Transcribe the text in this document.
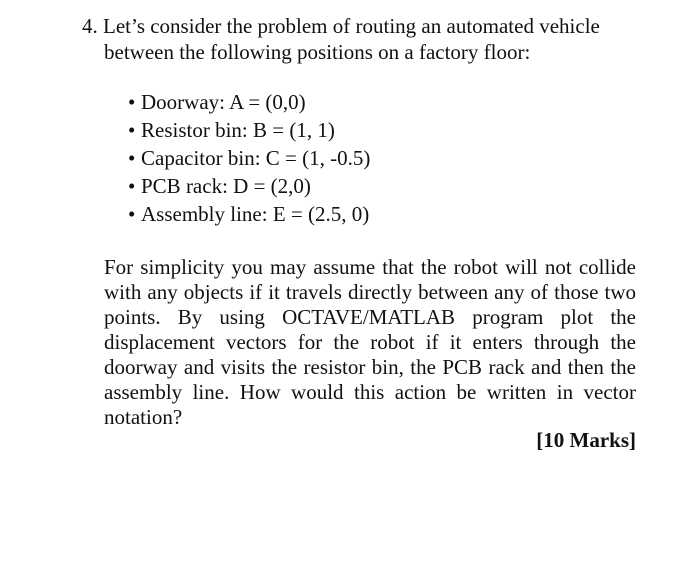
4. Let’s consider the problem of routing an automated vehicle
between the following positions on a factory floor:
• Doorway: A = (0,0)
• Resistor bin: B = (1, 1)
• Capacitor bin: C = (1, -0.5)
• PCB rack: D = (2,0)
• Assembly line: E = (2.5, 0)
For simplicity you may assume that the robot will not collide
with any objects if it travels directly between any of those two
points. By using OCTAVE/MATLAB program plot the
displacement vectors for the robot if it enters through the
doorway and visits the resistor bin, the PCB rack and then the
assembly line. How would this action be written in vector
notation?
[10 Marks]
